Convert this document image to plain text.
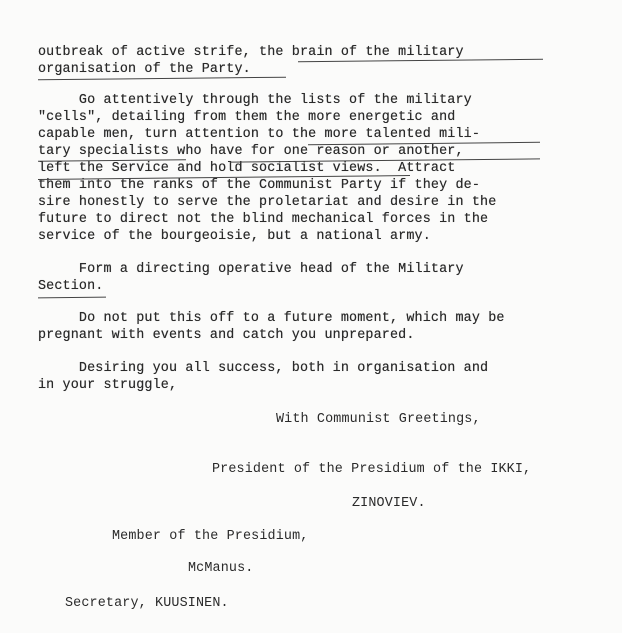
outbreak of active strife, the brain of the military
organisation of the Party.
Go attentively through the lists of the military
"cells", detailing from them the more energetic and
capable men, turn attention to the more talented mili-
tary specialists who have for one reason or another,
left the Service and hold socialist views.  Attract
them into the ranks of the Communist Party if they de-
sire honestly to serve the proletariat and desire in the
future to direct not the blind mechanical forces in the
service of the bourgeoisie, but a national army.
Form a directing operative head of the Military
Section.
Do not put this off to a future moment, which may be
pregnant with events and catch you unprepared.
Desiring you all success, both in organisation and
in your struggle,
With Communist Greetings,
President of the Presidium of the IKKI,
ZINOVIEV.
Member of the Presidium,
McManus.
Secretary, KUUSINEN.
